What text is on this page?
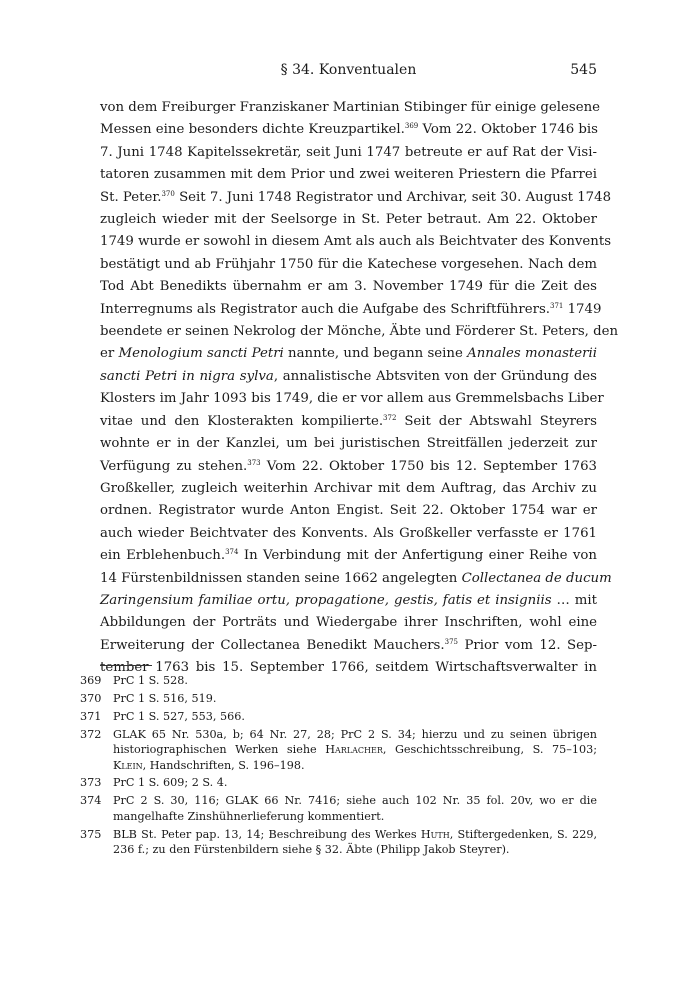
§ 34. Konventualen	545
von dem Freiburger Franziskaner Martinian Stibinger für einige gelesene
Messen eine besonders dichte Kreuzpartikel.$^{369}$ Vom 22. Oktober 1746 bis
7. Juni 1748 Kapitelssekretär, seit Juni 1747 betreute er auf Rat der Visi-
tatoren zusammen mit dem Prior und zwei weiteren Priestern die Pfarrei
St. Peter.$^{370}$ Seit 7. Juni 1748 Registrator und Archivar, seit 30. August 1748
zugleich wieder mit der Seelsorge in St. Peter betraut. Am 22. Oktober
1749 wurde er sowohl in diesem Amt als auch als Beichtvater des Konvents
bestätigt und ab Frühjahr 1750 für die Katechese vorgesehen. Nach dem
Tod Abt Benedikts übernahm er am 3. November 1749 für die Zeit des
Interregnums als Registrator auch die Aufgabe des Schriftführers.$^{371}$ 1749
beendete er seinen Nekrolog der Mönche, Äbte und Förderer St. Peters, den
er Menologium sancti Petri nannte, und begann seine Annales monasterii
sancti Petri in nigra sylva, annalistische Abtsviten von der Gründung des
Klosters im Jahr 1093 bis 1749, die er vor allem aus Gremmelsbachs Liber
vitae und den Klosterakten kompilierte.$^{372}$ Seit der Abtswahl Steyrers
wohnte er in der Kanzlei, um bei juristischen Streitfällen jederzeit zur
Verfügung zu stehen.$^{373}$ Vom 22. Oktober 1750 bis 12. September 1763
Großkeller, zugleich weiterhin Archivar mit dem Auftrag, das Archiv zu
ordnen. Registrator wurde Anton Engist. Seit 22. Oktober 1754 war er
auch wieder Beichtvater des Konvents. Als Großkeller verfasste er 1761
ein Erblehenbuch.$^{374}$ In Verbindung mit der Anfertigung einer Reihe von
14 Fürstenbildnissen standen seine 1662 angelegten Collectanea de ducum
Zaringensium familiae ortu, propagatione, gestis, fatis et insigniis … mit
Abbildungen der Porträts und Wiedergabe ihrer Inschriften, wohl eine
Erweiterung der Collectanea Benedikt Mauchers.$^{375}$ Prior vom 12. Sep-
tember 1763 bis 15. September 1766, seitdem Wirtschaftsverwalter in
369 PrC 1 S. 528.
370 PrC 1 S. 516, 519.
371 PrC 1 S. 527, 553, 566.
372 GLAK 65 Nr. 530a, b; 64 Nr. 27, 28; PrC 2 S. 34; hierzu und zu seinen übrigen historiographischen Werken siehe Harlacher, Geschichtsschreibung, S. 75–103; Klein, Handschriften, S. 196–198.
373 PrC 1 S. 609; 2 S. 4.
374 PrC 2 S. 30, 116; GLAK 66 Nr. 7416; siehe auch 102 Nr. 35 fol. 20v, wo er die mangelhafte Zinshühnerlieferung kommentiert.
375 BLB St. Peter pap. 13, 14; Beschreibung des Werkes Huth, Stiftergedenken, S. 229, 236 f.; zu den Fürstenbildern siehe § 32. Äbte (Philipp Jakob Steyrer).
